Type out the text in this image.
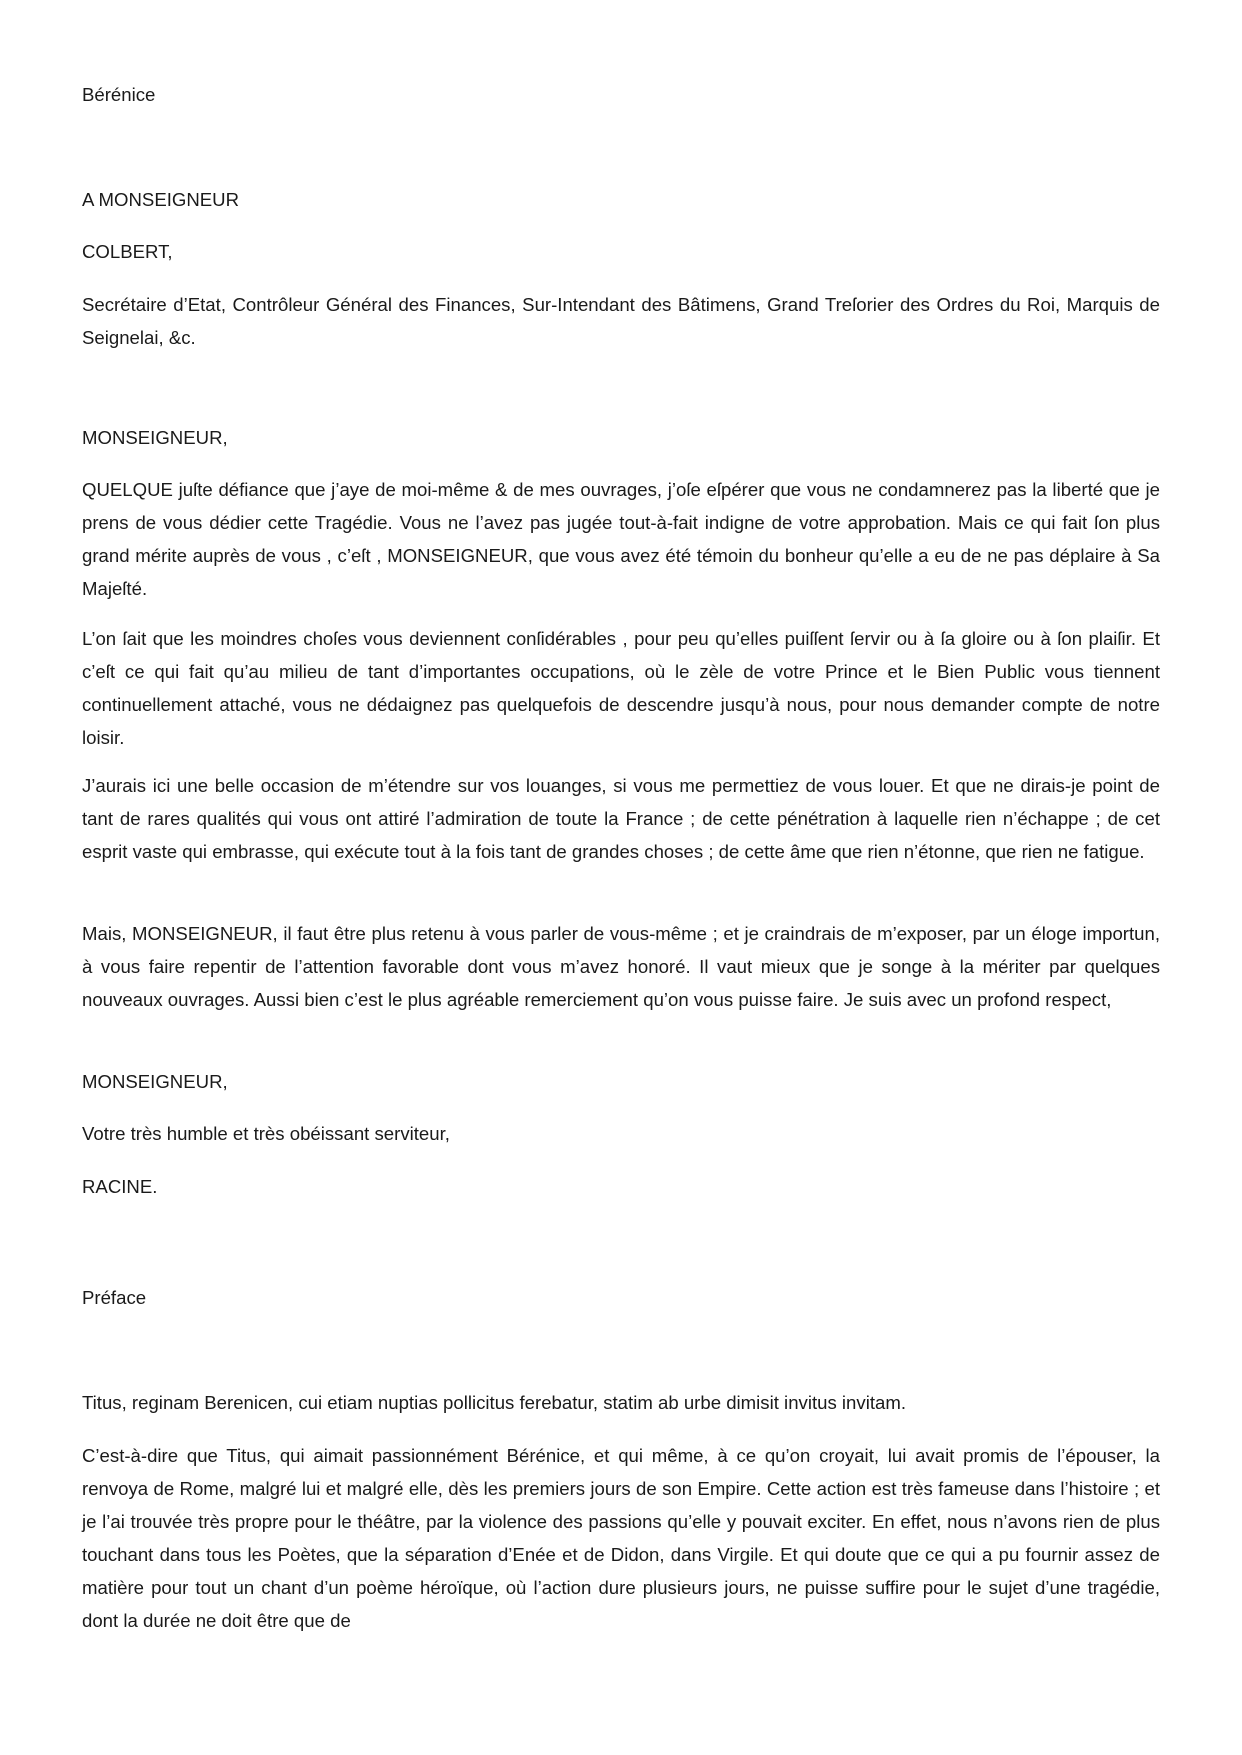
Bérénice

A MONSEIGNEUR

COLBERT,

Secrétaire d’Etat, Contrôleur Général des Finances, Sur-Intendant des Bâtimens, Grand Treſorier des Ordres du Roi, Marquis de Seignelai, &c.

MONSEIGNEUR,

QUELQUE juſte défiance que j’aye de moi-même & de mes ouvrages, j’oſe eſpérer que vous ne condamnerez pas la liberté que je prens de vous dédier cette Tragédie. Vous ne l’avez pas jugée tout-à-fait indigne de votre approbation. Mais ce qui fait ſon plus grand mérite auprès de vous , c’eſt , MONSEIGNEUR, que vous avez été témoin du bonheur qu’elle a eu de ne pas déplaire à Sa Majeſté.

L’on ſait que les moindres choſes vous deviennent conſidérables , pour peu qu’elles puiſſent ſervir ou à ſa gloire ou à ſon plaiſir. Et c’eſt ce qui fait qu’au milieu de tant d’importantes occupations, où le zèle de votre Prince et le Bien Public vous tiennent continuellement attaché, vous ne dédaignez pas quelquefois de descendre jusqu’à nous, pour nous demander compte de notre loisir.

J’aurais ici une belle occasion de m’étendre sur vos louanges, si vous me permettiez de vous louer. Et que ne dirais-je point de tant de rares qualités qui vous ont attiré l’admiration de toute la France ; de cette pénétration à laquelle rien n’échappe ; de cet esprit vaste qui embrasse, qui exécute tout à la fois tant de grandes choses ; de cette âme que rien n’étonne, que rien ne fatigue.

Mais, MONSEIGNEUR, il faut être plus retenu à vous parler de vous-même ; et je craindrais de m’exposer, par un éloge importun, à vous faire repentir de l’attention favorable dont vous m’avez honoré. Il vaut mieux que je songe à la mériter par quelques nouveaux ouvrages. Aussi bien c’est le plus agréable remerciement qu’on vous puisse faire. Je suis avec un profond respect,

MONSEIGNEUR,

Votre très humble et très obéissant serviteur,

RACINE.

Préface

Titus, reginam Berenicen, cui etiam nuptias pollicitus ferebatur, statim ab urbe dimisit invitus invitam.

C’est-à-dire que Titus, qui aimait passionnément Bérénice, et qui même, à ce qu’on croyait, lui avait promis de l’épouser, la renvoya de Rome, malgré lui et malgré elle, dès les premiers jours de son Empire. Cette action est très fameuse dans l’histoire ; et je l’ai trouvée très propre pour le théâtre, par la violence des passions qu’elle y pouvait exciter. En effet, nous n’avons rien de plus touchant dans tous les Poètes, que la séparation d’Enée et de Didon, dans Virgile. Et qui doute que ce qui a pu fournir assez de matière pour tout un chant d’un poème héroïque, où l’action dure plusieurs jours, ne puisse suffire pour le sujet d’une tragédie, dont la durée ne doit être que de
